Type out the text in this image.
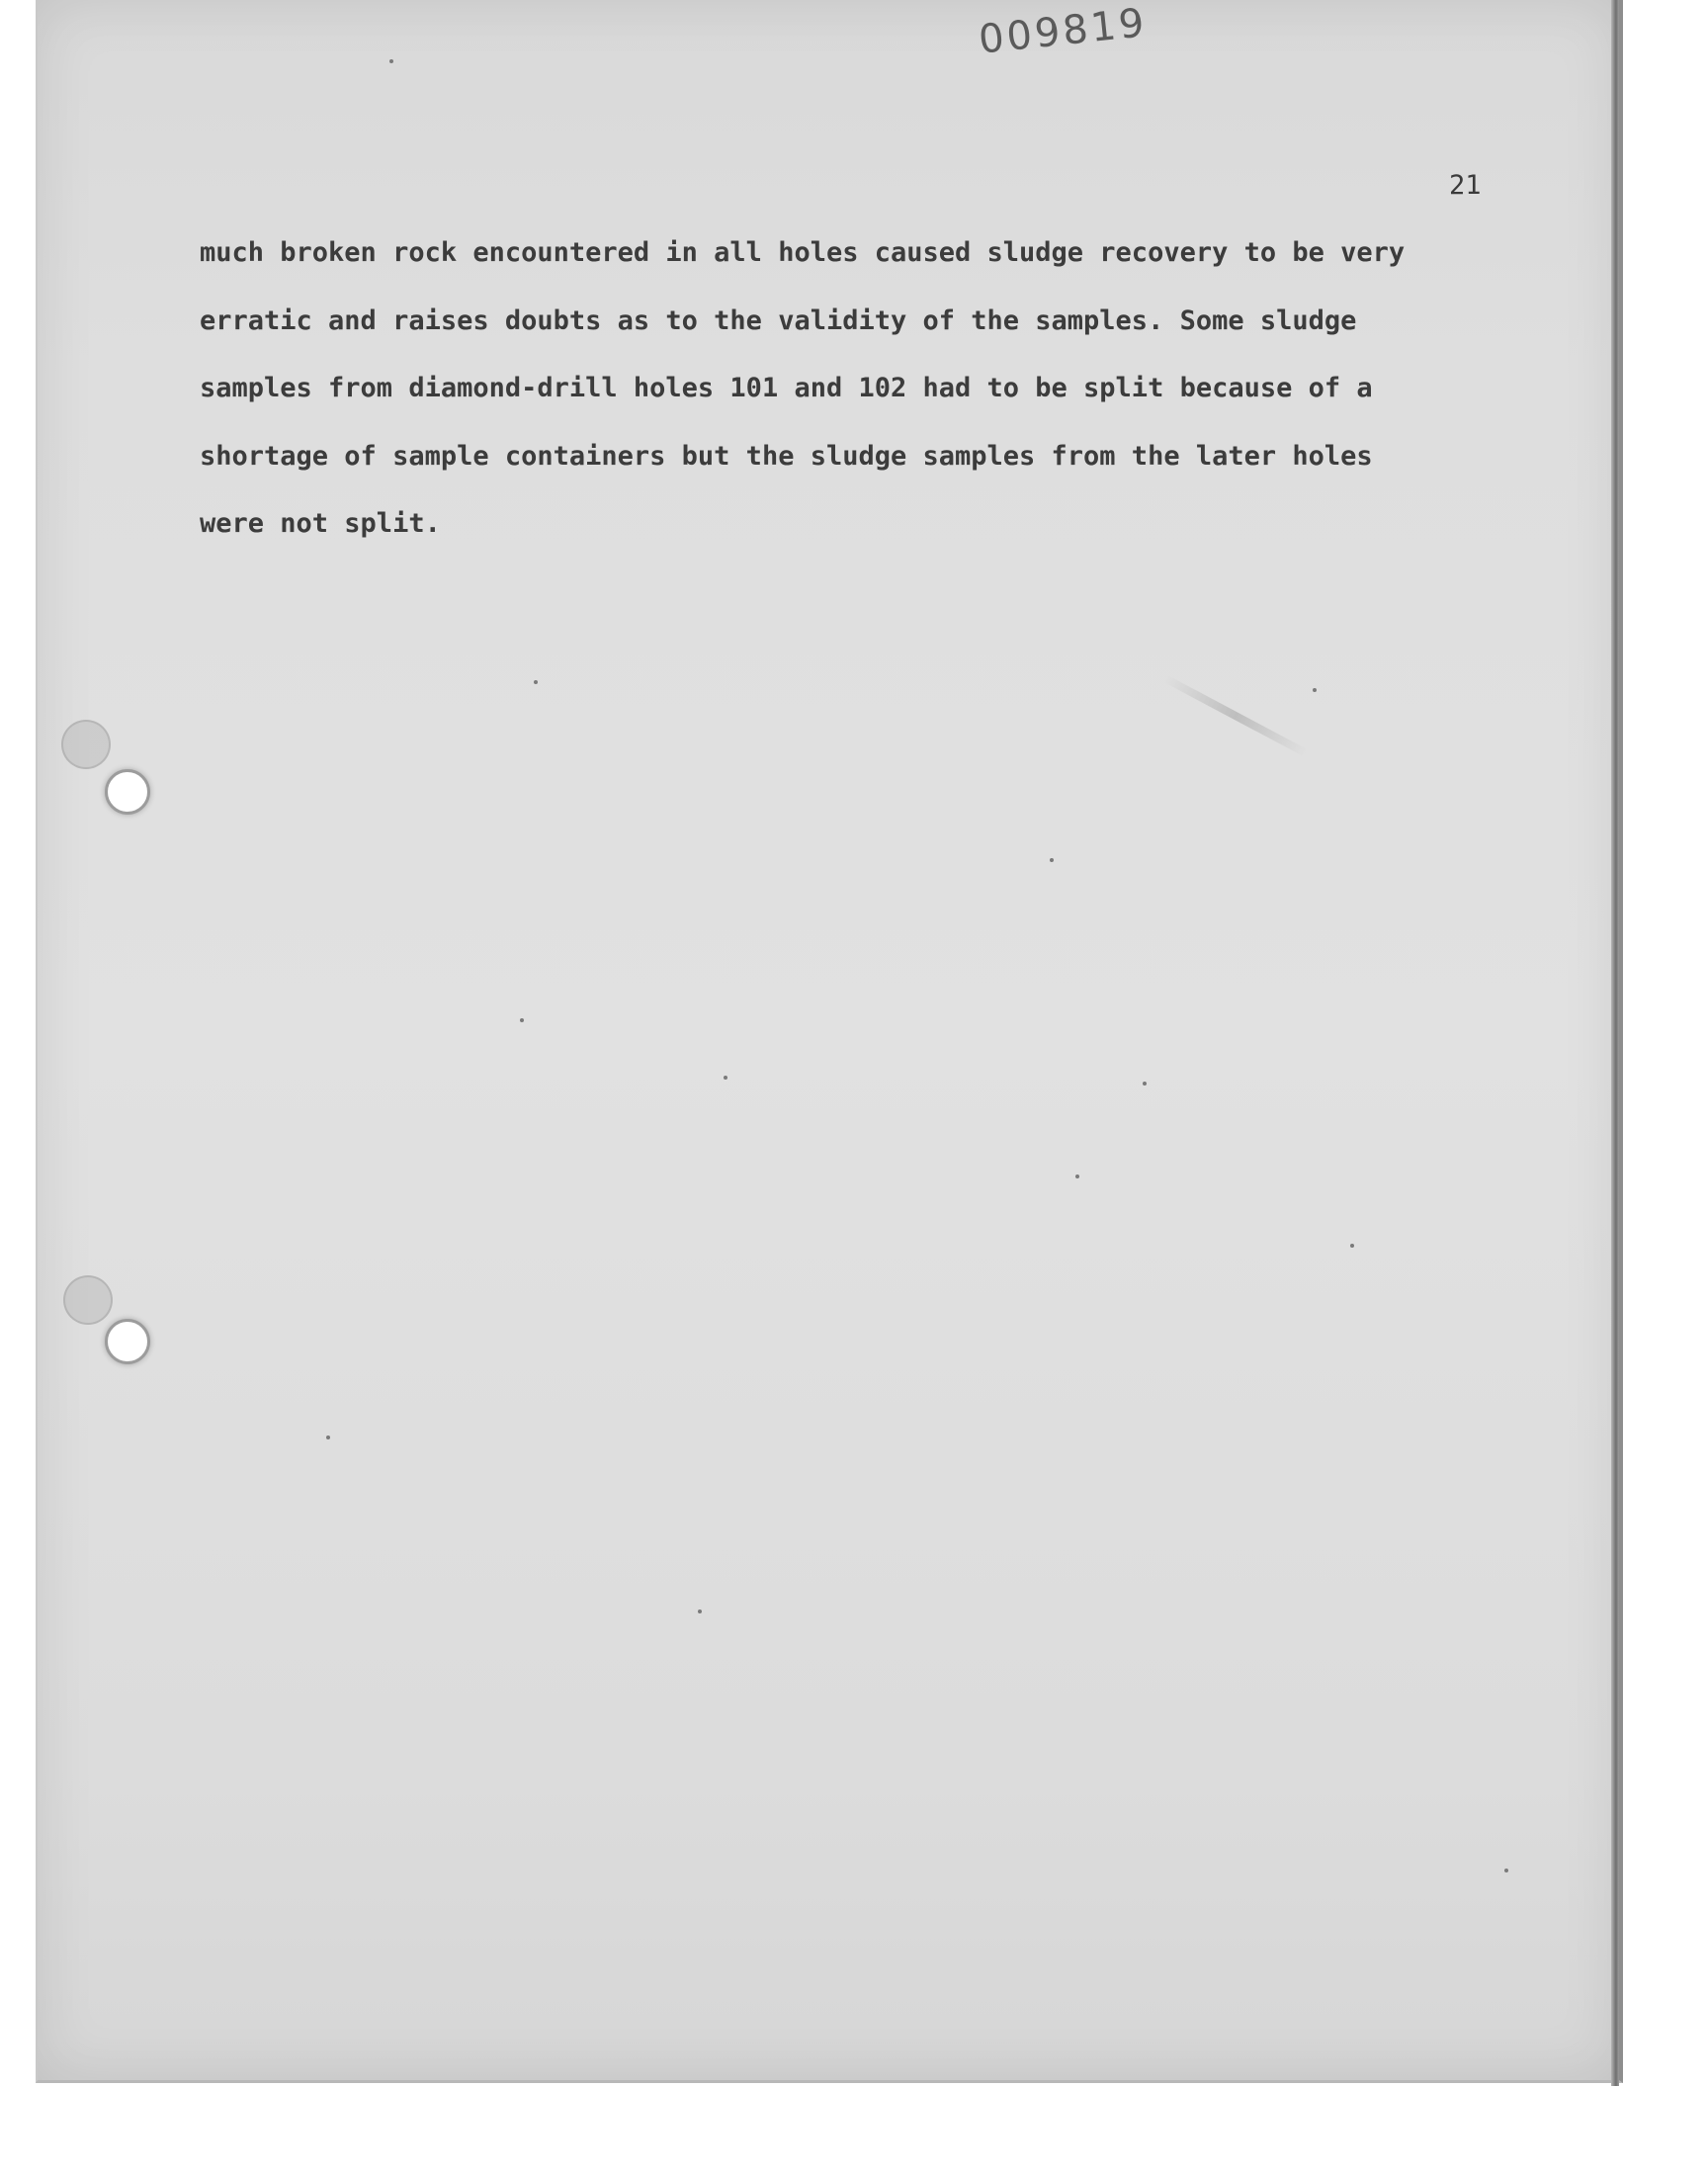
009819
21
much broken rock encountered in all holes caused sludge recovery to be very
erratic and raises doubts as to the validity of the samples. Some sludge
samples from diamond-drill holes 101 and 102 had to be split because of a
shortage of sample containers but the sludge samples from the later holes
were not split.
